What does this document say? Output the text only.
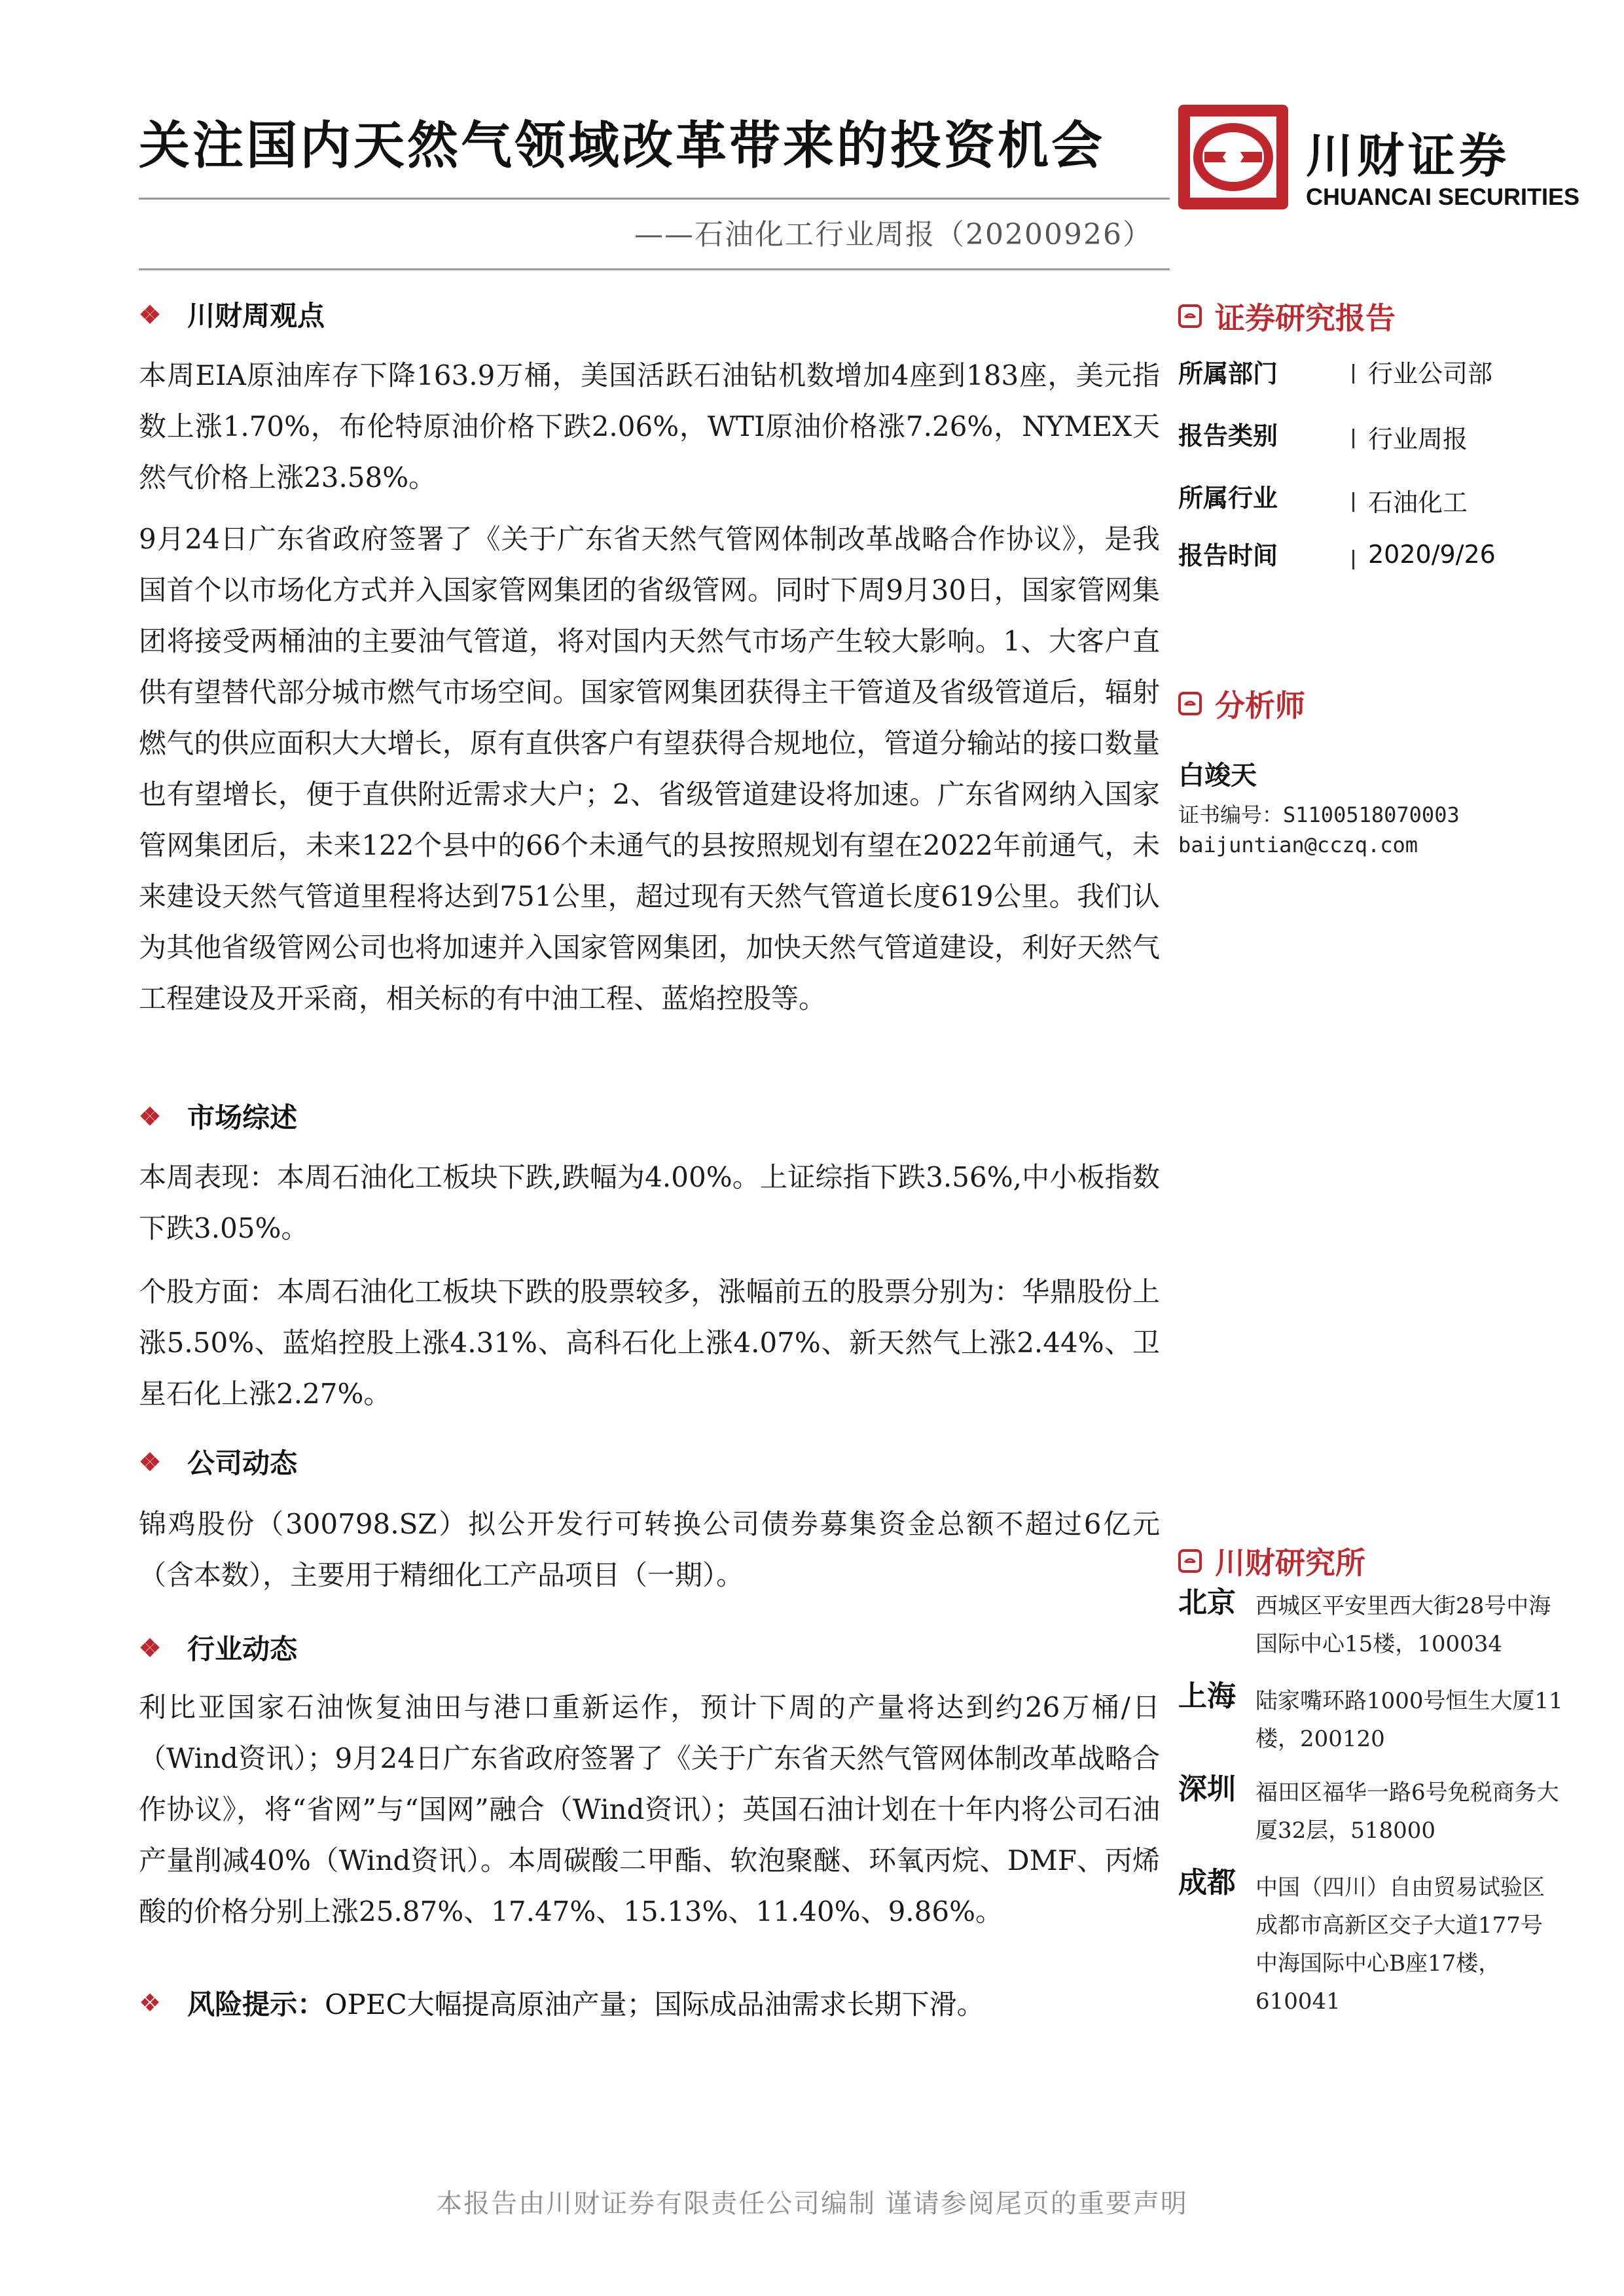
关注国内天然气领域改革带来的投资机会
——石油化工行业周报（20200926）
川财证券
CHUANCAI SECURITIES
❖ 川财周观点
本周EIA原油库存下降163.9万桶，美国活跃石油钻机数增加4座到183座，美元指数上涨1.70%，布伦特原油价格下跌2.06%，WTI原油价格涨7.26%，NYMEX天然气价格上涨23.58%。
9月24日广东省政府签署了《关于广东省天然气管网体制改革战略合作协议》，是我国首个以市场化方式并入国家管网集团的省级管网。同时下周9月30日，国家管网集团将接受两桶油的主要油气管道，将对国内天然气市场产生较大影响。1、大客户直供有望替代部分城市燃气市场空间。国家管网集团获得主干管道及省级管道后，辐射燃气的供应面积大大增长，原有直供客户有望获得合规地位，管道分输站的接口数量也有望增长，便于直供附近需求大户；2、省级管道建设将加速。广东省网纳入国家管网集团后，未来122个县中的66个未通气的县按照规划有望在2022年前通气，未来建设天然气管道里程将达到751公里，超过现有天然气管道长度619公里。我们认为其他省级管网公司也将加速并入国家管网集团，加快天然气管道建设，利好天然气工程建设及开采商，相关标的有中油工程、蓝焰控股等。
❖ 市场综述
本周表现：本周石油化工板块下跌,跌幅为4.00%。上证综指下跌3.56%,中小板指数下跌3.05%。
个股方面：本周石油化工板块下跌的股票较多，涨幅前五的股票分别为：华鼎股份上涨5.50%、蓝焰控股上涨4.31%、高科石化上涨4.07%、新天然气上涨2.44%、卫星石化上涨2.27%。
❖ 公司动态
锦鸡股份（300798.SZ）拟公开发行可转换公司债券募集资金总额不超过6亿元（含本数），主要用于精细化工产品项目（一期）。
❖ 行业动态
利比亚国家石油恢复油田与港口重新运作，预计下周的产量将达到约26万桶/日（Wind资讯）；9月24日广东省政府签署了《关于广东省天然气管网体制改革战略合作协议》，将“省网”与“国网”融合（Wind资讯）；英国石油计划在十年内将公司石油产量削减40%（Wind资讯）。本周碳酸二甲酯、软泡聚醚、环氧丙烷、DMF、丙烯酸的价格分别上涨25.87%、17.47%、15.13%、11.40%、9.86%。
❖ 风险提示： OPEC大幅提高原油产量；国际成品油需求长期下滑。
证券研究报告
所属部门	行业公司部
报告类别	行业周报
所属行业	石油化工
报告时间	2020/9/26
分析师
白竣天
证书编号：S1100518070003
baijuntian@cczq.com
川财研究所
北京 西城区平安里西大街28号中海国际中心15楼，100034
上海 陆家嘴环路1000号恒生大厦11楼，200120
深圳 福田区福华一路6号免税商务大厦32层，518000
成都 中国（四川）自由贸易试验区成都市高新区交子大道177号中海国际中心B座17楼，610041
本报告由川财证券有限责任公司编制 谨请参阅尾页的重要声明
